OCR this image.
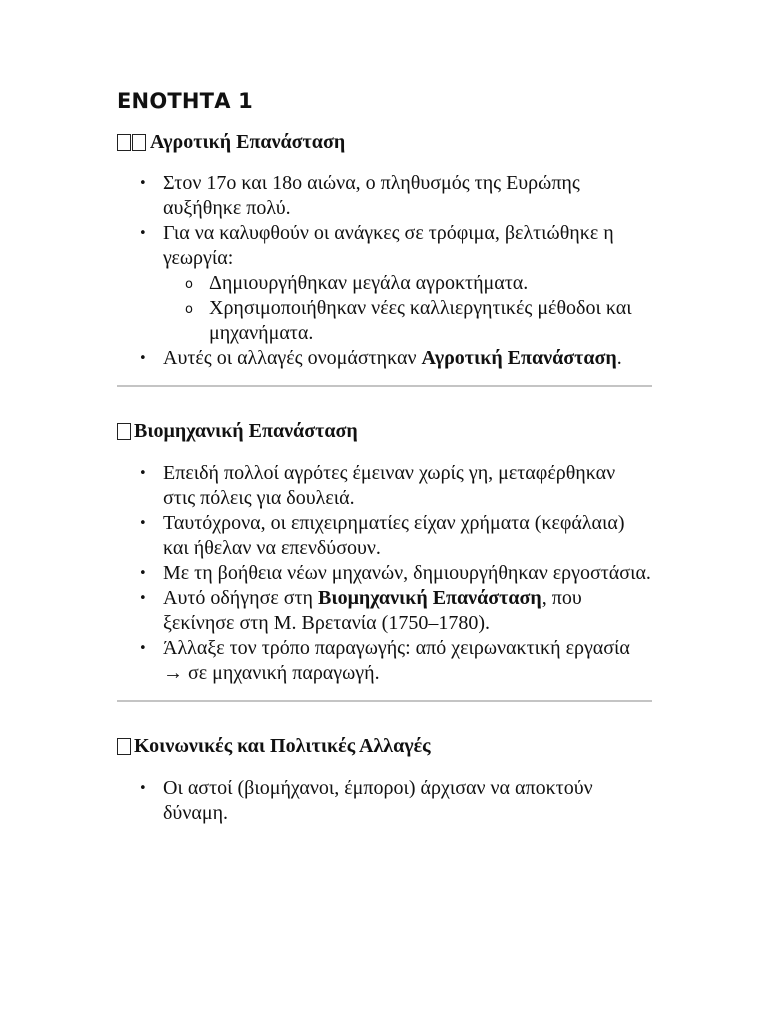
ΕΝΟΤΗΤΑ 1
Αγροτική Επανάσταση
• Στον 17ο και 18ο αιώνα, ο πληθυσμός της Ευρώπης αυξήθηκε πολύ.
• Για να καλυφθούν οι ανάγκες σε τρόφιμα, βελτιώθηκε η γεωργία:
o Δημιουργήθηκαν μεγάλα αγροκτήματα.
o Χρησιμοποιήθηκαν νέες καλλιεργητικές μέθοδοι και μηχανήματα.
• Αυτές οι αλλαγές ονομάστηκαν Αγροτική Επανάσταση.
Βιομηχανική Επανάσταση
• Επειδή πολλοί αγρότες έμειναν χωρίς γη, μεταφέρθηκαν στις πόλεις για δουλειά.
• Ταυτόχρονα, οι επιχειρηματίες είχαν χρήματα (κεφάλαια) και ήθελαν να επενδύσουν.
• Με τη βοήθεια νέων μηχανών, δημιουργήθηκαν εργοστάσια.
• Αυτό οδήγησε στη Βιομηχανική Επανάσταση, που ξεκίνησε στη Μ. Βρετανία (1750–1780).
• Άλλαξε τον τρόπο παραγωγής: από χειρωνακτική εργασία → σε μηχανική παραγωγή.
Κοινωνικές και Πολιτικές Αλλαγές
• Οι αστοί (βιομήχανοι, έμποροι) άρχισαν να αποκτούν δύναμη.
